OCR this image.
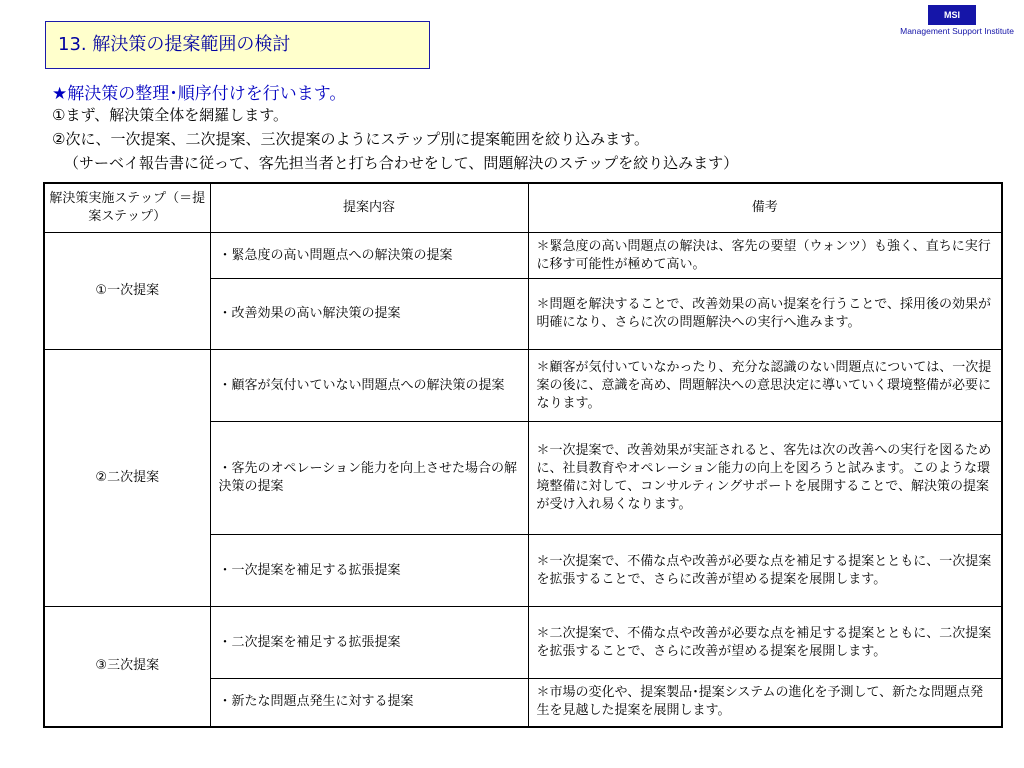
13. 解決策の提案範囲の検討
MSI
Management Support Institute
★解決策の整理･順序付けを行います。
①まず、解決策全体を網羅します。
②次に、一次提案、二次提案、三次提案のようにステップ別に提案範囲を絞り込みます。
（サーベイ報告書に従って、客先担当者と打ち合わせをして、問題解決のステップを絞り込みます）
解決策実施ステップ（＝提案ステップ）	提案内容	備考
①一次提案	・緊急度の高い問題点への解決策の提案	＊緊急度の高い問題点の解決は、客先の要望（ウォンツ）も強く、直ちに実行に移す可能性が極めて高い。
	・改善効果の高い解決策の提案	＊問題を解決することで、改善効果の高い提案を行うことで、採用後の効果が明確になり、さらに次の問題解決への実行へ進みます。
②二次提案	・顧客が気付いていない問題点への解決策の提案	＊顧客が気付いていなかったり、充分な認識のない問題点については、一次提案の後に、意識を高め、問題解決への意思決定に導いていく環境整備が必要になります。
	・客先のオペレーション能力を向上させた場合の解決策の提案	＊一次提案で、改善効果が実証されると、客先は次の改善への実行を図るために、社員教育やオペレーション能力の向上を図ろうと試みます。このような環境整備に対して、コンサルティングサポートを展開することで、解決策の提案が受け入れ易くなります。
	・一次提案を補足する拡張提案	＊一次提案で、不備な点や改善が必要な点を補足する提案とともに、一次提案を拡張することで、さらに改善が望める提案を展開します。
③三次提案	・二次提案を補足する拡張提案	＊二次提案で、不備な点や改善が必要な点を補足する提案とともに、二次提案を拡張することで、さらに改善が望める提案を展開します。
	・新たな問題点発生に対する提案	＊市場の変化や、提案製品･提案システムの進化を予測して、新たな問題点発生を見越した提案を展開します。
